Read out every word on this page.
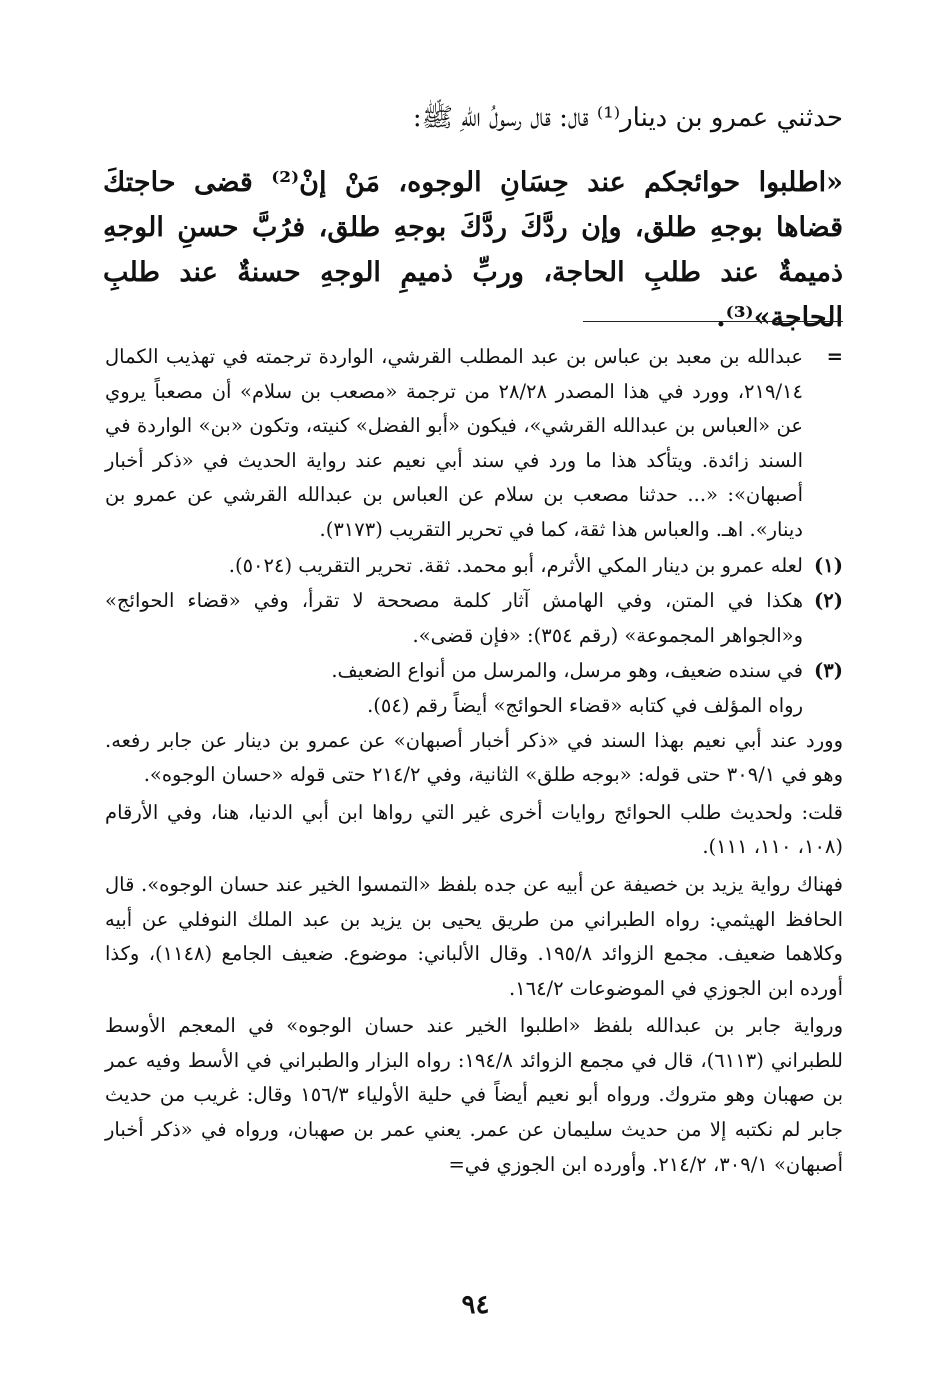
حدثني عمرو بن دينار⁽¹⁾ قال: قال رسولُ اللّهِ ﷺ:
«اطلبوا حوائجكم عند حِسَانِ الوجوه، مَنْ إنْ⁽²⁾ قضى حاجتكَ قضاها بوجهِ طلق، وإن ردَّكَ ردَّكَ بوجهِ طلق، فرُبَّ حسنِ الوجهِ ذميمةٌ عند طلبِ الحاجة، وربِّ ذميمِ الوجهِ حسنةٌ عند طلبِ الحاجة»⁽³⁾.
=

عبدالله بن معبد بن عباس بن عبد المطلب القرشي، الواردة ترجمته في تهذيب الكمال ٢١٩/١٤، وورد في هذا المصدر ٢٨/٢٨ من ترجمة «مصعب بن سلام» أن مصعباً يروي عن «العباس بن عبدالله القرشي»، فيكون «أبو الفضل» كنيته، وتكون «بن» الواردة في السند زائدة. ويتأكد هذا ما ورد في سند أبي نعيم عند رواية الحديث في «ذكر أخبار أصبهان»: «... حدثنا مصعب بن سلام عن العباس بن عبدالله القرشي عن عمرو بن دينار». اهـ. والعباس هذا ثقة، كما في تحرير التقريب (٣١٧٣).

(١)

لعله عمرو بن دينار المكي الأثرم، أبو محمد. ثقة. تحرير التقريب (٥٠٢٤).

(٢)

هكذا في المتن، وفي الهامش آثار كلمة مصححة لا تقرأ، وفي «قضاء الحوائج» و«الجواهر المجموعة» (رقم ٣٥٤): «فإن قضى».

(٣)

في سنده ضعيف، وهو مرسل، والمرسل من أنواع الضعيف.

رواه المؤلف في كتابه «قضاء الحوائج» أيضاً رقم (٥٤).

وورد عند أبي نعيم بهذا السند في «ذكر أخبار أصبهان» عن عمرو بن دينار عن جابر رفعه. وهو في ٣٠٩/١ حتى قوله: «بوجه طلق» الثانية، وفي ٢١٤/٢ حتى قوله «حسان الوجوه».

قلت: ولحديث طلب الحوائج روايات أخرى غير التي رواها ابن أبي الدنيا، هنا، وفي الأرقام (١٠٨، ١١٠، ١١١).

فهناك رواية يزيد بن خصيفة عن أبيه عن جده بلفظ «التمسوا الخير عند حسان الوجوه». قال الحافظ الهيثمي: رواه الطبراني من طريق يحيى بن يزيد بن عبد الملك النوفلي عن أبيه وكلاهما ضعيف. مجمع الزوائد ١٩٥/٨. وقال الألباني: موضوع. ضعيف الجامع (١١٤٨)، وكذا أورده ابن الجوزي في الموضوعات ١٦٤/٢.

ورواية جابر بن عبدالله بلفظ «اطلبوا الخير عند حسان الوجوه» في المعجم الأوسط للطبراني (٦١١٣)، قال في مجمع الزوائد ١٩٤/٨: رواه البزار والطبراني في الأسط وفيه عمر بن صهبان وهو متروك. ورواه أبو نعيم أيضاً في حلية الأولياء ١٥٦/٣ وقال: غريب من حديث جابر لم نكتبه إلا من حديث سليمان عن عمر. يعني عمر بن صهبان، ورواه في «ذكر أخبار أصبهان» ٣٠٩/١، ٢١٤/٢. وأورده ابن الجوزي في=

٩٤
